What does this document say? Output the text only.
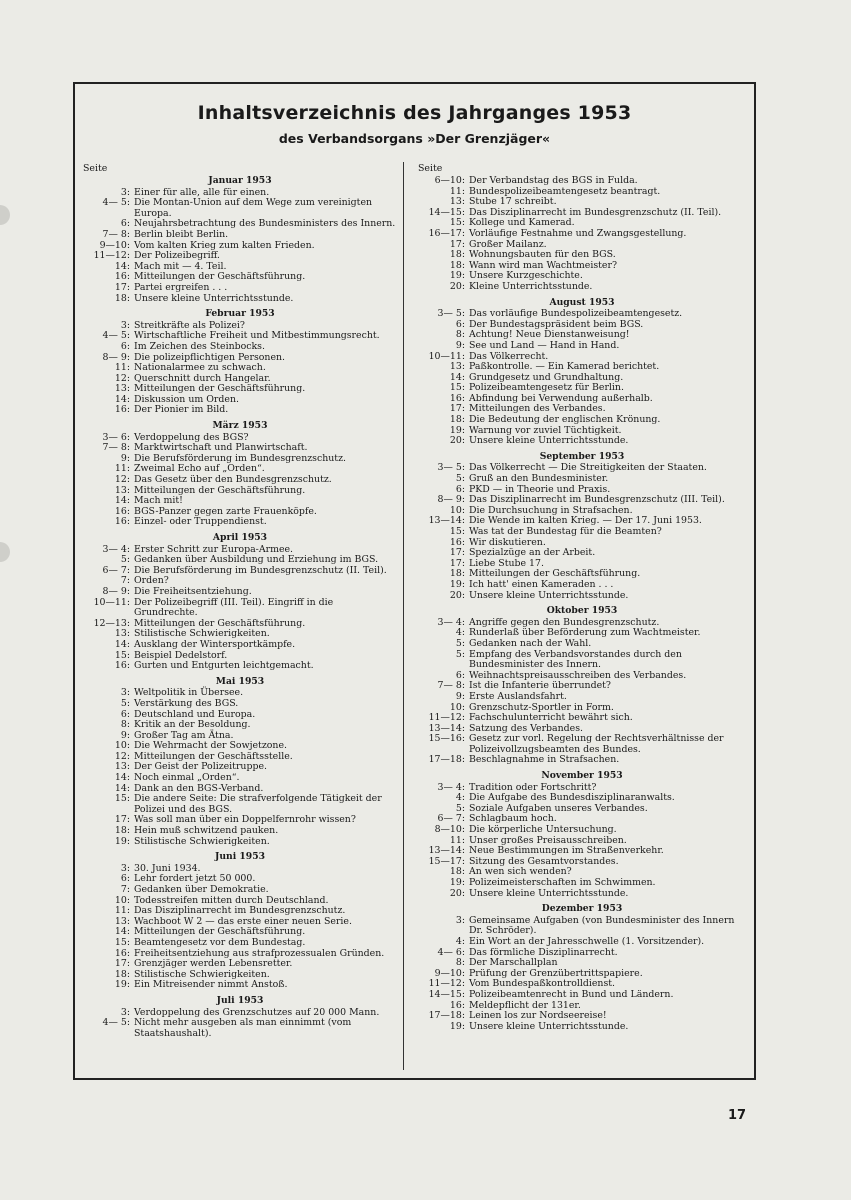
Inhaltsverzeichnis des Jahrganges 1953
des Verbandsorgans »Der Grenzjäger«
Seite
Januar 1953
3: Einer für alle, alle für einen.
4— 5: Die Montan-Union auf dem Wege zum vereinigten Europa.
6: Neujahrsbetrachtung des Bundesministers des Innern.
7— 8: Berlin bleibt Berlin.
9—10: Vom kalten Krieg zum kalten Frieden.
11—12: Der Polizeibegriff.
14: Mach mit — 4. Teil.
16: Mitteilungen der Geschäftsführung.
17: Partei ergreifen . . .
18: Unsere kleine Unterrichtsstunde.
Februar 1953
3: Streitkräfte als Polizei?
4— 5: Wirtschaftliche Freiheit und Mitbestimmungsrecht.
6: Im Zeichen des Steinbocks.
8— 9: Die polizeipflichtigen Personen.
11: Nationalarmee zu schwach.
12: Querschnitt durch Hangelar.
13: Mitteilungen der Geschäftsführung.
14: Diskussion um Orden.
16: Der Pionier im Bild.
März 1953
3— 6: Verdoppelung des BGS?
7— 8: Marktwirtschaft und Planwirtschaft.
9: Die Berufsförderung im Bundesgrenzschutz.
11: Zweimal Echo auf „Orden“.
12: Das Gesetz über den Bundesgrenzschutz.
13: Mitteilungen der Geschäftsführung.
14: Mach mit!
16: BGS-Panzer gegen zarte Frauenköpfe.
16: Einzel- oder Truppendienst.
April 1953
3— 4: Erster Schritt zur Europa-Armee.
5: Gedanken über Ausbildung und Erziehung im BGS.
6— 7: Die Berufsförderung im Bundesgrenzschutz (II. Teil).
7: Orden?
8— 9: Die Freiheitsentziehung.
10—11: Der Polizeibegriff (III. Teil). Eingriff in die Grundrechte.
12—13: Mitteilungen der Geschäftsführung.
13: Stilistische Schwierigkeiten.
14: Ausklang der Wintersportkämpfe.
15: Beispiel Dedelstorf.
16: Gurten und Entgurten leichtgemacht.
Mai 1953
3: Weltpolitik in Übersee.
5: Verstärkung des BGS.
6: Deutschland und Europa.
8: Kritik an der Besoldung.
9: Großer Tag am Ätna.
10: Die Wehrmacht der Sowjetzone.
12: Mitteilungen der Geschäftsstelle.
13: Der Geist der Polizeitruppe.
14: Noch einmal „Orden“.
14: Dank an den BGS-Verband.
15: Die andere Seite: Die strafverfolgende Tätigkeit der Polizei und des BGS.
17: Was soll man über ein Doppelfernrohr wissen?
18: Hein muß schwitzend pauken.
19: Stilistische Schwierigkeiten.
Juni 1953
3: 30. Juni 1934.
6: Lehr fordert jetzt 50 000.
7: Gedanken über Demokratie.
10: Todesstreifen mitten durch Deutschland.
11: Das Disziplinarrecht im Bundesgrenzschutz.
13: Wachboot W 2 — das erste einer neuen Serie.
14: Mitteilungen der Geschäftsführung.
15: Beamtengesetz vor dem Bundestag.
16: Freiheitsentziehung aus strafprozessualen Gründen.
17: Grenzjäger werden Lebensretter.
18: Stilistische Schwierigkeiten.
19: Ein Mitreisender nimmt Anstoß.
Juli 1953
3: Verdoppelung des Grenzschutzes auf 20 000 Mann.
4— 5: Nicht mehr ausgeben als man einnimmt (vom Staatshaushalt).
Seite
6—10: Der Verbandstag des BGS in Fulda.
11: Bundespolizeibeamtengesetz beantragt.
13: Stube 17 schreibt.
14—15: Das Disziplinarrecht im Bundesgrenzschutz (II. Teil).
15: Kollege und Kamerad.
16—17: Vorläufige Festnahme und Zwangsgestellung.
17: Großer Mailanz.
18: Wohnungsbauten für den BGS.
18: Wann wird man Wachtmeister?
19: Unsere Kurzgeschichte.
20: Kleine Unterrichtsstunde.
August 1953
3— 5: Das vorläufige Bundespolizeibeamtengesetz.
6: Der Bundestagspräsident beim BGS.
8: Achtung! Neue Dienstanweisung!
9: See und Land — Hand in Hand.
10—11: Das Völkerrecht.
13: Paßkontrolle. — Ein Kamerad berichtet.
14: Grundgesetz und Grundhaltung.
15: Polizeibeamtengesetz für Berlin.
16: Abfindung bei Verwendung außerhalb.
17: Mitteilungen des Verbandes.
18: Die Bedeutung der englischen Krönung.
19: Warnung vor zuviel Tüchtigkeit.
20: Unsere kleine Unterrichtsstunde.
September 1953
3— 5: Das Völkerrecht — Die Streitigkeiten der Staaten.
5: Gruß an den Bundesminister.
6: PKD — in Theorie und Praxis.
8— 9: Das Disziplinarrecht im Bundesgrenzschutz (III. Teil).
10: Die Durchsuchung in Strafsachen.
13—14: Die Wende im kalten Krieg. — Der 17. Juni 1953.
15: Was tat der Bundestag für die Beamten?
16: Wir diskutieren.
17: Spezialzüge an der Arbeit.
17: Liebe Stube 17.
18: Mitteilungen der Geschäftsführung.
19: Ich hatt' einen Kameraden . . .
20: Unsere kleine Unterrichtsstunde.
Oktober 1953
3— 4: Angriffe gegen den Bundesgrenzschutz.
4: Runderlaß über Beförderung zum Wachtmeister.
5: Gedanken nach der Wahl.
5: Empfang des Verbandsvorstandes durch den Bundesminister des Innern.
6: Weihnachtspreisausschreiben des Verbandes.
7— 8: Ist die Infanterie überrundet?
9: Erste Auslandsfahrt.
10: Grenzschutz-Sportler in Form.
11—12: Fachschulunterricht bewährt sich.
13—14: Satzung des Verbandes.
15—16: Gesetz zur vorl. Regelung der Rechtsverhältnisse der Polizeivollzugsbeamten des Bundes.
17—18: Beschlagnahme in Strafsachen.
November 1953
3— 4: Tradition oder Fortschritt?
4: Die Aufgabe des Bundesdisziplinaranwalts.
5: Soziale Aufgaben unseres Verbandes.
6— 7: Schlagbaum hoch.
8—10: Die körperliche Untersuchung.
11: Unser großes Preisausschreiben.
13—14: Neue Bestimmungen im Straßenverkehr.
15—17: Sitzung des Gesamtvorstandes.
18: An wen sich wenden?
19: Polizeimeisterschaften im Schwimmen.
20: Unsere kleine Unterrichtsstunde.
Dezember 1953
3: Gemeinsame Aufgaben (von Bundesminister des Innern Dr. Schröder).
4: Ein Wort an der Jahresschwelle (1. Vorsitzender).
4— 6: Das förmliche Disziplinarrecht.
8: Der Marschallplan
9—10: Prüfung der Grenzübertrittspapiere.
11—12: Vom Bundespaßkontrolldienst.
14—15: Polizeibeamtenrecht in Bund und Ländern.
16: Meldepflicht der 131er.
17—18: Leinen los zur Nordseereise!
19: Unsere kleine Unterrichtsstunde.
17
